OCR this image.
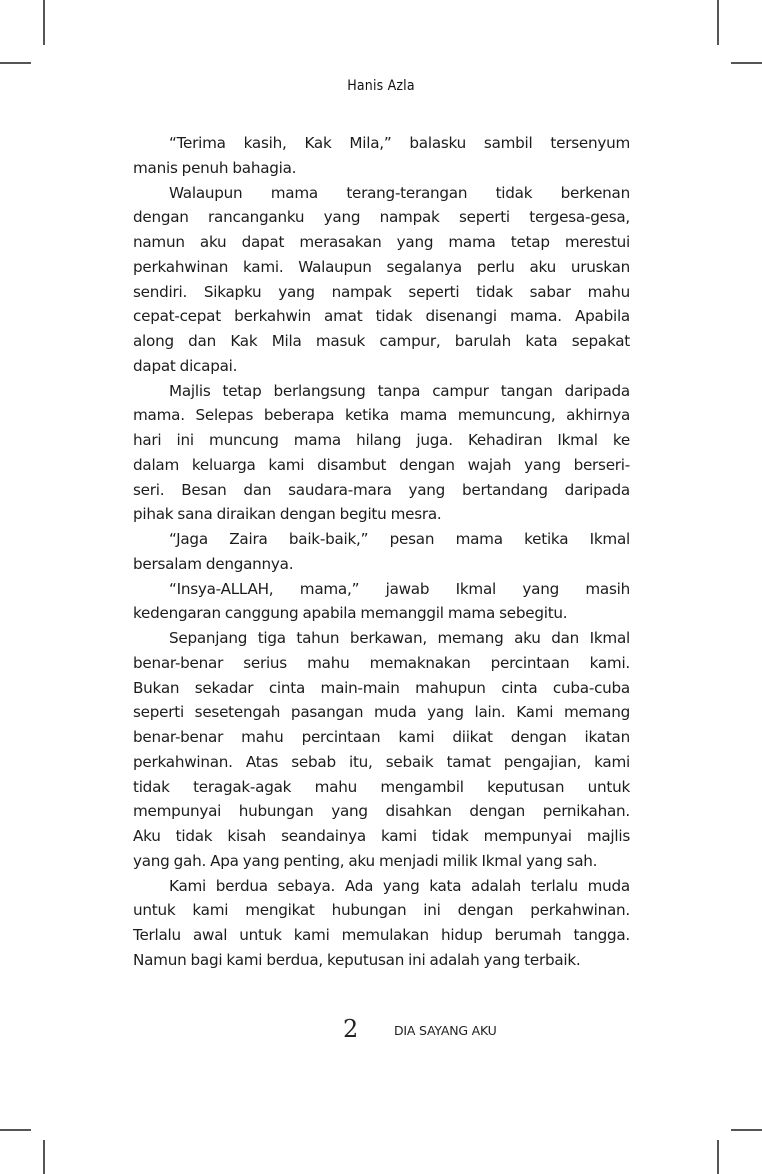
Hanis Azla
“Terima kasih, Kak Mila,” balasku sambil tersenyum
manis penuh bahagia.
Walaupun mama terang-terangan tidak berkenan
dengan rancanganku yang nampak seperti tergesa-gesa,
namun aku dapat merasakan yang mama tetap merestui
perkahwinan kami. Walaupun segalanya perlu aku uruskan
sendiri. Sikapku yang nampak seperti tidak sabar mahu
cepat-cepat berkahwin amat tidak disenangi mama. Apabila
along dan Kak Mila masuk campur, barulah kata sepakat
dapat dicapai.
Majlis tetap berlangsung tanpa campur tangan daripada
mama. Selepas beberapa ketika mama memuncung, akhirnya
hari ini muncung mama hilang juga. Kehadiran Ikmal ke
dalam keluarga kami disambut dengan wajah yang berseri-
seri. Besan dan saudara-mara yang bertandang daripada
pihak sana diraikan dengan begitu mesra.
“Jaga Zaira baik-baik,” pesan mama ketika Ikmal
bersalam dengannya.
“Insya-ALLAH, mama,” jawab Ikmal yang masih
kedengaran canggung apabila memanggil mama sebegitu.
Sepanjang tiga tahun berkawan, memang aku dan Ikmal
benar-benar serius mahu memaknakan percintaan kami.
Bukan sekadar cinta main-main mahupun cinta cuba-cuba
seperti sesetengah pasangan muda yang lain. Kami memang
benar-benar mahu percintaan kami diikat dengan ikatan
perkahwinan. Atas sebab itu, sebaik tamat pengajian, kami
tidak teragak-agak mahu mengambil keputusan untuk
mempunyai hubungan yang disahkan dengan pernikahan.
Aku tidak kisah seandainya kami tidak mempunyai majlis
yang gah. Apa yang penting, aku menjadi milik Ikmal yang sah.
Kami berdua sebaya. Ada yang kata adalah terlalu muda
untuk kami mengikat hubungan ini dengan perkahwinan.
Terlalu awal untuk kami memulakan hidup berumah tangga.
Namun bagi kami berdua, keputusan ini adalah yang terbaik.
2	DIA SAYANG AKU
